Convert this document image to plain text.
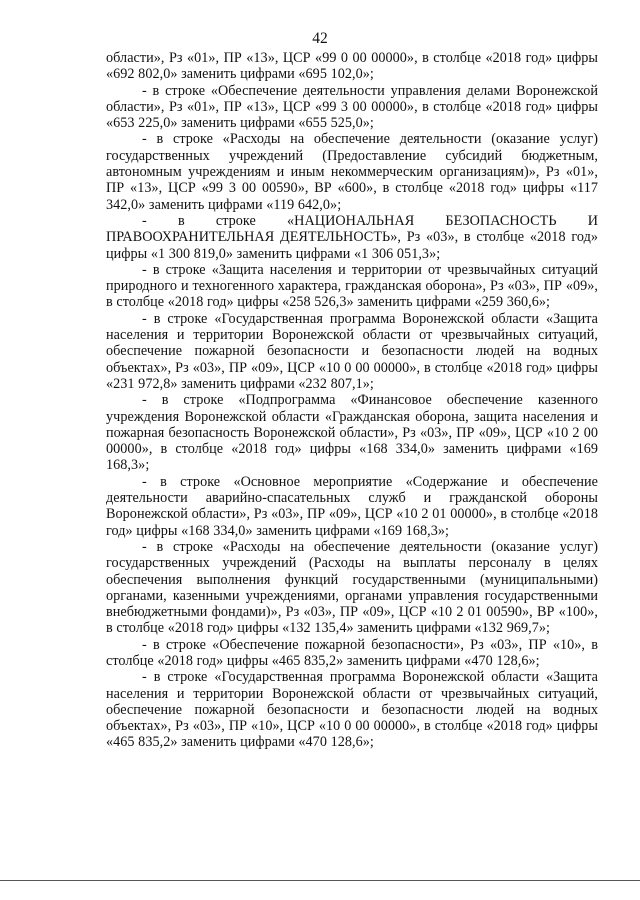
42

области», Рз «01», ПР «13», ЦСР «99 0 00 00000», в столбце «2018 год» цифры «692 802,0» заменить цифрами «695 102,0»;

- в строке «Обеспечение деятельности управления делами Воронежской области», Рз «01», ПР «13», ЦСР «99 3 00 00000», в столбце «2018 год» цифры «653 225,0» заменить цифрами «655 525,0»;

- в строке «Расходы на обеспечение деятельности (оказание услуг) государственных учреждений (Предоставление субсидий бюджетным, автономным учреждениям и иным некоммерческим организациям)», Рз «01», ПР «13», ЦСР «99 3 00 00590», ВР «600», в столбце «2018 год» цифры «117 342,0» заменить цифрами «119 642,0»;

- в строке «НАЦИОНАЛЬНАЯ БЕЗОПАСНОСТЬ И ПРАВООХРАНИТЕЛЬНАЯ ДЕЯТЕЛЬНОСТЬ», Рз «03», в столбце «2018 год» цифры «1 300 819,0» заменить цифрами «1 306 051,3»;

- в строке «Защита населения и территории от чрезвычайных ситуаций природного и техногенного характера, гражданская оборона», Рз «03», ПР «09», в столбце «2018 год» цифры «258 526,3» заменить цифрами «259 360,6»;

- в строке «Государственная программа Воронежской области «Защита населения и территории Воронежской области от чрезвычайных ситуаций, обеспечение пожарной безопасности и безопасности людей на водных объектах», Рз «03», ПР «09», ЦСР «10 0 00 00000», в столбце «2018 год» цифры «231 972,8» заменить цифрами «232 807,1»;

- в строке «Подпрограмма «Финансовое обеспечение казенного учреждения Воронежской области «Гражданская оборона, защита населения и пожарная безопасность Воронежской области», Рз «03», ПР «09», ЦСР «10 2 00 00000», в столбце «2018 год» цифры «168 334,0» заменить цифрами «169 168,3»;

- в строке «Основное мероприятие «Содержание и обеспечение деятельности аварийно-спасательных служб и гражданской обороны Воронежской области», Рз «03», ПР «09», ЦСР «10 2 01 00000», в столбце «2018 год» цифры «168 334,0» заменить цифрами «169 168,3»;

- в строке «Расходы на обеспечение деятельности (оказание услуг) государственных учреждений (Расходы на выплаты персоналу в целях обеспечения выполнения функций государственными (муниципальными) органами, казенными учреждениями, органами управления государственными внебюджетными фондами)», Рз «03», ПР «09», ЦСР «10 2 01 00590», ВР «100», в столбце «2018 год» цифры «132 135,4» заменить цифрами «132 969,7»;

- в строке «Обеспечение пожарной безопасности», Рз «03», ПР «10», в столбце «2018 год» цифры «465 835,2» заменить цифрами «470 128,6»;

- в строке «Государственная программа Воронежской области «Защита населения и территории Воронежской области от чрезвычайных ситуаций, обеспечение пожарной безопасности и безопасности людей на водных объектах», Рз «03», ПР «10», ЦСР «10 0 00 00000», в столбце «2018 год» цифры «465 835,2» заменить цифрами «470 128,6»;
